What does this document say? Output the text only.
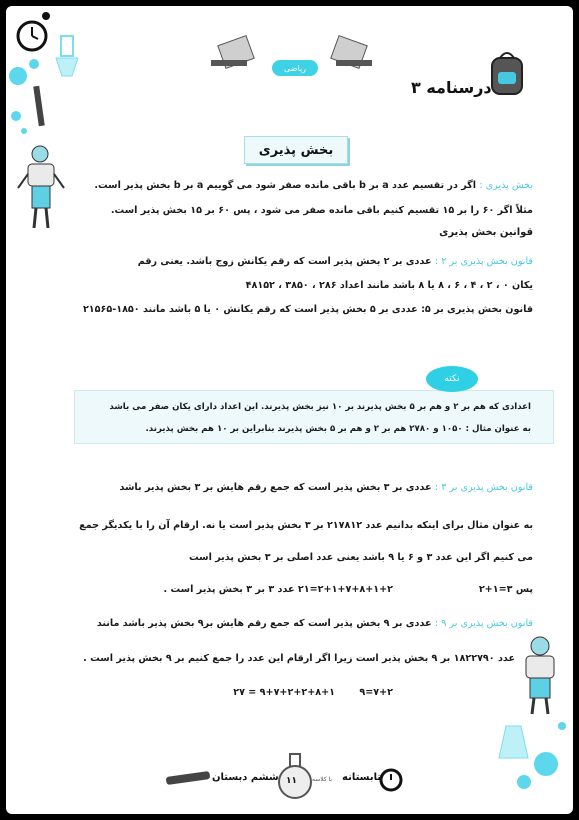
ریاضی
درسنامه ۳
بخش پذیری
بخش پذیری : اگر در تقسیم عدد a بر b باقی مانده صفر شود می گوییم a بر b بخش پذیر است.
مثلاً اگر ۶۰ را بر ۱۵ تقسیم کنیم باقی مانده صفر می شود ، پس ۶۰ بر ۱۵ بخش پذیر است.
قوانین بخش پذیری
قانون بخش پذیری بر ۲ : عددی بر ۲ بخش پذیر است که رقم یکانش زوج باشد. یعنی رقم
یکان ۰ ، ۲ ، ۴ ، ۶ ، ۸ یا ۸ باشد مانند اعداد ۲۸۶ ، ۳۸۵۰ ، ۴۸۱۵۲
قانون بخش پذیری بر ۵: عددی بر ۵ بخش پذیر است که رقم یکانش ۰ یا ۵ باشد مانند ۱۸۵۰-۲۱۵۶۵
نکته
اعدادی که هم بر ۲ و هم بر ۵ بخش پذیرند بر ۱۰ نیز بخش پذیرند. این اعداد دارای یکان صفر می باشد
به عنوان مثال : ۱۰۵۰ و ۲۷۸۰ هم بر ۲ و هم بر ۵ بخش پذیرند بنابراین بر ۱۰ هم بخش پذیرند.
قانون بخش پذیری بر ۳ : عددی بر ۳ بخش پذیر است که جمع رقم هایش بر ۳ بخش پذیر باشد
به عنوان مثال برای اینکه بدانیم عدد ۲۱۷۸۱۲ بر ۳ بخش پذیر است یا نه. ارقام آن را با یکدیگر جمع
می کنیم اگر این عدد ۳ و ۶ یا ۹ باشد یعنی عدد اصلی بر ۳ بخش پذیر است
۲+۱+۷+۸+۱+۲=۲۱ عدد ۳ بر ۳ بخش پذیر است .	پس ۳=۱+۲
قانون بخش پذیری بر ۹ : عددی بر ۹ بخش پذیر است که جمع رقم هایش بر۹ بخش پذیر باشد مانند
عدد ۱۸۲۲۷۹۰ بر ۹ بخش پذیر است زیرا اگر ارقام این عدد را جمع کنیم بر ۹ بخش پذیر است .
۹+۷+۲+۲+۸+۱ = ۲۷	۷+۲=۹
ششم دبستان ۱۱	با کلاسه تابستانه
